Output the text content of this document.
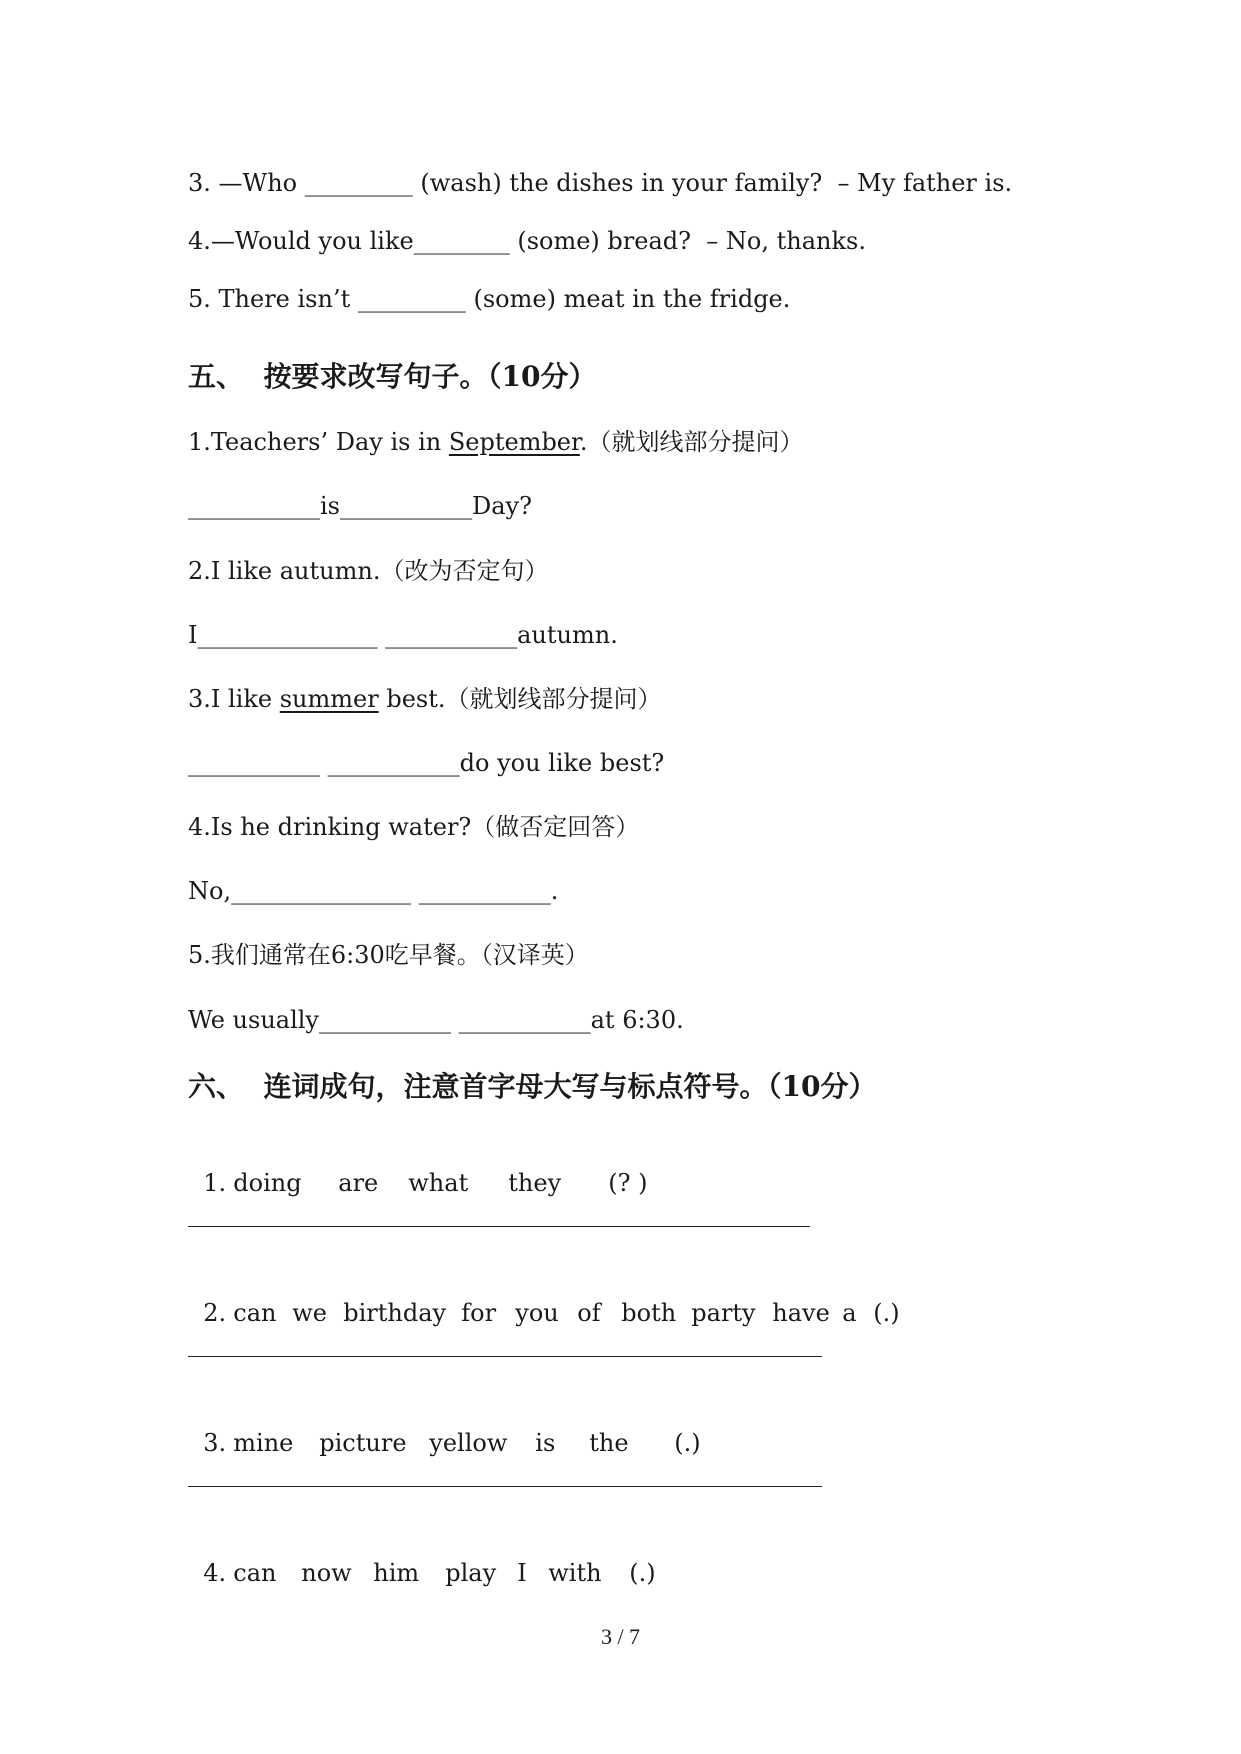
3. —Who _________ (wash) the dishes in your family?  – My father is.
4.—Would you like________ (some) bread?  – No, thanks.
5. There isn’t _________ (some) meat in the fridge.
五、  按要求改写句子。（10分）
1.Teachers’ Day is in September.（就划线部分提问）
___________is___________Day?
2.I like autumn.（改为否定句）
I_______________ ___________autumn.
3.I like summer best.（就划线部分提问）
___________ ___________do you like best?
4.Is he drinking water?（做否定回答）
No,_______________ ___________.
5.我们通常在6:30吃早餐。（汉译英）
We usually___________ ___________at 6:30.
六、  连词成句，注意首字母大写与标点符号。（10分）

1. doing are what they (? )

2. can we birthday for you of both party have a (.)

3. mine picture yellow is the (.)

4. can now him play I with (.)

3 / 7
